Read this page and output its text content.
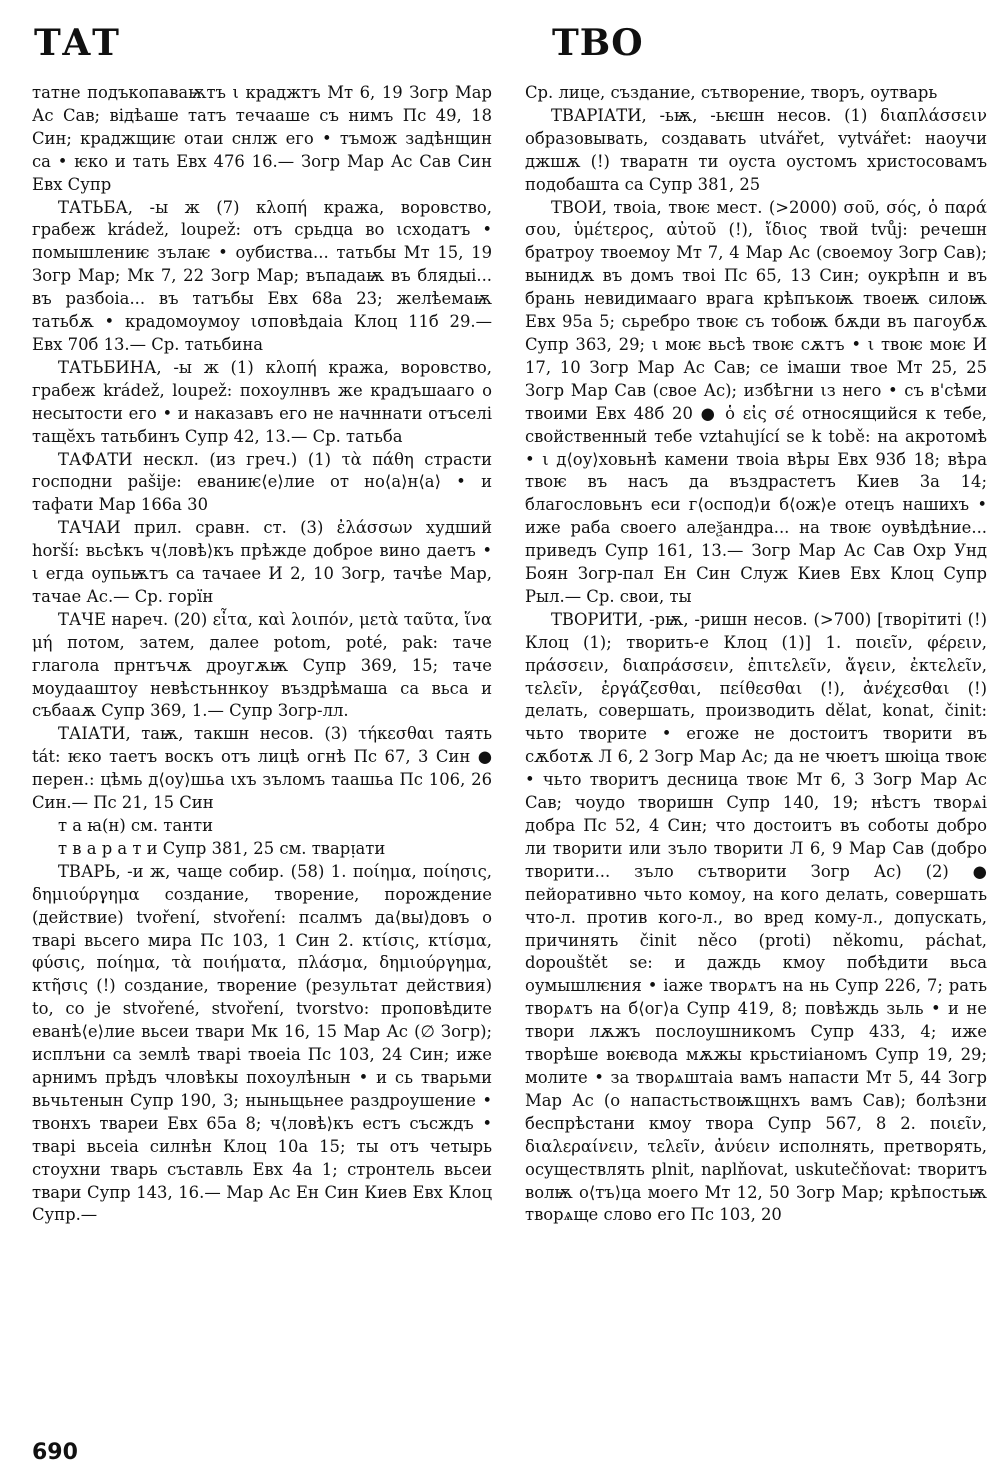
ТАТ	ТВО

татне подъкопаваѭтъ ι краджтъ Мт 6, 19 Зогр Мар Ас Сав; відѣаше татъ течааше съ нимъ Пс 49, 18 Син; краджщиѥ отаи снлж его • тъмож задѣнщин са • ѥко и тать Евх 476 16.— Зогр Мар Ас Сав Син Евх Супр

ТАТЬБА, -ы ж (7) κλοπή кража, воровство, грабеж krádež, loupež: отъ срьдца во ιсходатъ • помышлениѥ зълаѥ • оубиства... татьбы Мт 15, 19 Зогр Мар; Мк 7, 22 Зогр Мар; въпадаѭ въ блядыі... въ разбоіа... въ татъбы Евх 68а 23; желѣемаѭ татьбѫ • крадомоумоу ισповѣдаіа Клоц 11б 29.— Евх 70б 13.— Ср. татьбина

ТАТЬБИНА, -ы ж (1) κλοπή кража, воровство, грабеж krádež, loupež: похоулнвъ же крадъшааго о несытости его • и наказавъ его не начннати отъселі тащӗхъ татьбинъ Супр 42, 13.— Ср. татьба

ТАФАТИ нескл. (из греч.) (1) τὰ πάθη страсти господни pašije: еваниѥ⟨е⟩лие от но⟨а⟩н⟨а⟩ • и тафати Мар 166а 30

ТАЧАИ прил. сравн. ст. (3) ἐλάσσων худший horší: вьсѣкъ ч⟨ловѣ⟩къ прѣжде доброе вино даетъ • ι егда оупьѭтъ са тачаее И 2, 10 Зогр, тачѣе Мар, тачае Ас.— Ср. горїн

ТАЧЕ нареч. (20) εἶτα, καὶ λοιπόν, μετὰ ταῦτα, ἵνα μή потом, затем, далее potom, poté, pak: таче глагола прнтъчѫ дроугѫѭ Супр 369, 15; таче моудааштоу невѣстьннкоу въздрѣмаша са вьса и събааѫ Супр 369, 1.— Супр Зогр-лл.

ТАІАТИ, таѭ, такшн несов. (3) τήκεσθαι таять tát: ѥко таетъ воскъ отъ лицѣ огнѣ Пс 67, 3 Син ● перен.: цѣмь д⟨оу⟩шьа ιхъ зъломъ таашьа Пс 106, 26 Син.— Пс 21, 15 Син

т а ꙗ(н) см. танти

т в а р а т и Супр 381, 25 см. тварᴉати

ТВАРЬ, -и ж, чаще собир. (58) 1. ποίημα, ποίησις, δημιούργημα создание, творение, порождение (действие) tvoření, stvoření: псалмъ да⟨вы⟩довъ о тварі вьсего мира Пс 103, 1 Син 2. κτίσις, κτίσμα, φύσις, ποίημα, τὰ ποιήματα, πλάσμα, δημιούργημα, κτῆσις (!) создание, творение (результат действия) to, co je stvořené, stvoření, tvorstvo: проповѣдите еванѣ⟨е⟩лие вьсеи твари Мк 16, 15 Мар Ас (∅ Зогр); исплъни са землѣ тварі твоеіа Пс 103, 24 Син; иже арнимъ прѣдъ чловѣкы похоулѣнын • и сь тварьми вьчьтенын Супр 190, 3; ныньщьнее раздроушение • твонхъ твареи Евх 65а 8; ч⟨ловѣ⟩къ естъ съсждъ • тварі вьсеіа силнѣн Клоц 10а 15; ты отъ четырь стоухни тварь съставль Евх 4а 1; стронтель вьсеи твари Супр 143, 16.— Мар Ас Ен Син Киев Евх Клоц Супр.—

Ср. лице, създание, сътворение, творъ, оутварь

ТВАРІАТИ, -ьѭ, -ьѥшн несов. (1) διαπλάσσειν образовывать, создавать utvářet, vytvářet: наоучи джшѫ (!) тваратн ти оуста оустомъ христосовамъ подобашта са Супр 381, 25

ТВОИ, твоіа, твоѥ мест. (>2000) σοῦ, σός, ὁ παρά σου, ὑμέτερος, αὐτοῦ (!), ἴδιος твой tvůj: речешн братроу твоемоу Мт 7, 4 Мар Ас (своемоу Зогр Сав); вынидѫ въ домъ твоі Пс 65, 13 Син; оукрѣпн и въ брань невидимааго врага крѣпъкоѭ твоеѭ силоѭ Евх 95а 5; сьребро твоѥ съ тобоѭ бѫди въ пагоубѫ Супр 363, 29; ι моѥ вьсѣ твоѥ сѫтъ • ι твоѥ моѥ И 17, 10 Зогр Мар Ас Сав; се імаши твое Мт 25, 25 Зогр Мар Сав (свое Ас); избѣгни ιз него • съ в'сѣми твоими Евх 48б 20 ● ὁ εἰς σέ относящийся к тебе, свойственный тебе vztahující se k tobě: на акротомѣ • ι д⟨оу⟩ховьнѣ камени твоіа вѣры Евх 93б 18; вѣра твоѥ въ насъ да въздрастетъ Киев 3а 14; благословьнъ еси г⟨оспод⟩и б⟨ож⟩е отецъ нашихъ • иже раба своего алеѯандра... на твоѥ оувѣдѣние... приведъ Супр 161, 13.— Зогр Мар Ас Сав Охр Унд Боян Зогр-пал Ен Син Служ Киев Евх Клоц Супр Рыл.— Ср. свои, ты

ТВОРИТИ, -рѭ, -ришн несов. (>700) [творітиті (!) Клоц (1); творить-е Клоц (1)] 1. ποιεῖν, φέρειν, πράσσειν, διαπράσσειν, ἐπιτελεῖν, ἄγειν, ἐκτελεῖν, τελεῖν, ἐργάζεσθαι, πείθεσθαι (!), ἀνέχεσθαι (!) делать, совершать, производить dělat, konat, činit: чьто творите • егоже не достоитъ творити въ сѫботѫ Л 6, 2 Зогр Мар Ас; да не чюетъ шюіца твоѥ • чьто творитъ десница твоѥ Мт 6, 3 Зогр Мар Ас Сав; чоудо творишн Супр 140, 19; нѣстъ творѧі добра Пс 52, 4 Син; что достоитъ въ соботы добро ли творити или зъло творити Л 6, 9 Мар Сав (добро творити... зъло сътворити Зогр Ас) (2) ● пейоративно чьто комоу, на кого делать, совершать что-л. против кого-л., во вред кому-л., допускать, причинять činit něco (proti) někomu, páchat, dopouštět se: и даждь кмоу побѣдити вьса оумышлѥния • іаже творѧтъ на нь Супр 226, 7; рать творѧтъ на б⟨ог⟩а Супр 419, 8; повѣждь зьль • и не твори лѫжъ послоушникомъ Супр 433, 4; иже творѣше воѥвода мѫжы крьстиіаномъ Супр 19, 29; молите • за творѧштаіа вамъ напасти Мт 5, 44 Зогр Мар Ас (о напастьствоѭщнхъ вамъ Сав); болѣзни беспрѣстани кмоу твора Супр 567, 8 2. ποιεῖν, διαλεραίνειν, τελεῖν, ἀνύειν исполнять, претворять, осуществлять plnit, naplňovat, uskutečňovat: творитъ волѭ о⟨тъ⟩ца моего Мт 12, 50 Зогр Мар; крѣпостьѭ творѧще слово его Пс 103, 20

690
